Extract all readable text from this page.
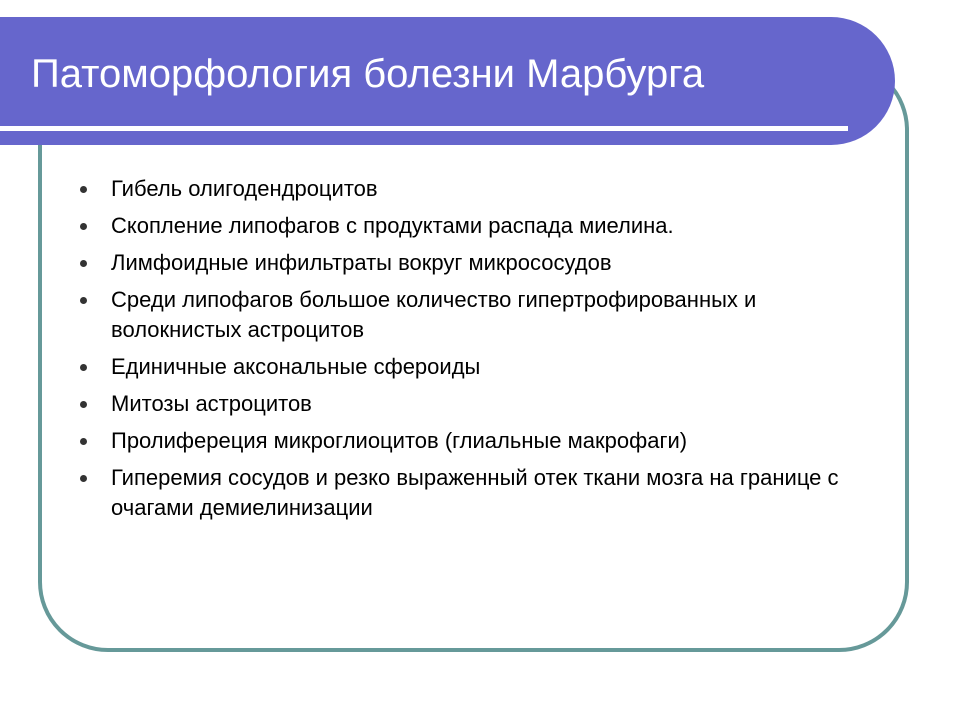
Патоморфология болезни Марбурга
Гибель олигодендроцитов
Скопление липофагов с продуктами распада миелина.
Лимфоидные инфильтраты вокруг микрососудов
Среди липофагов большое количество гипертрофированных и волокнистых астроцитов
Единичные аксональные сфероиды
Митозы астроцитов
Пролифереция микроглиоцитов (глиальные макрофаги)
Гиперемия сосудов и резко выраженный отек ткани мозга на границе с очагами демиелинизации
